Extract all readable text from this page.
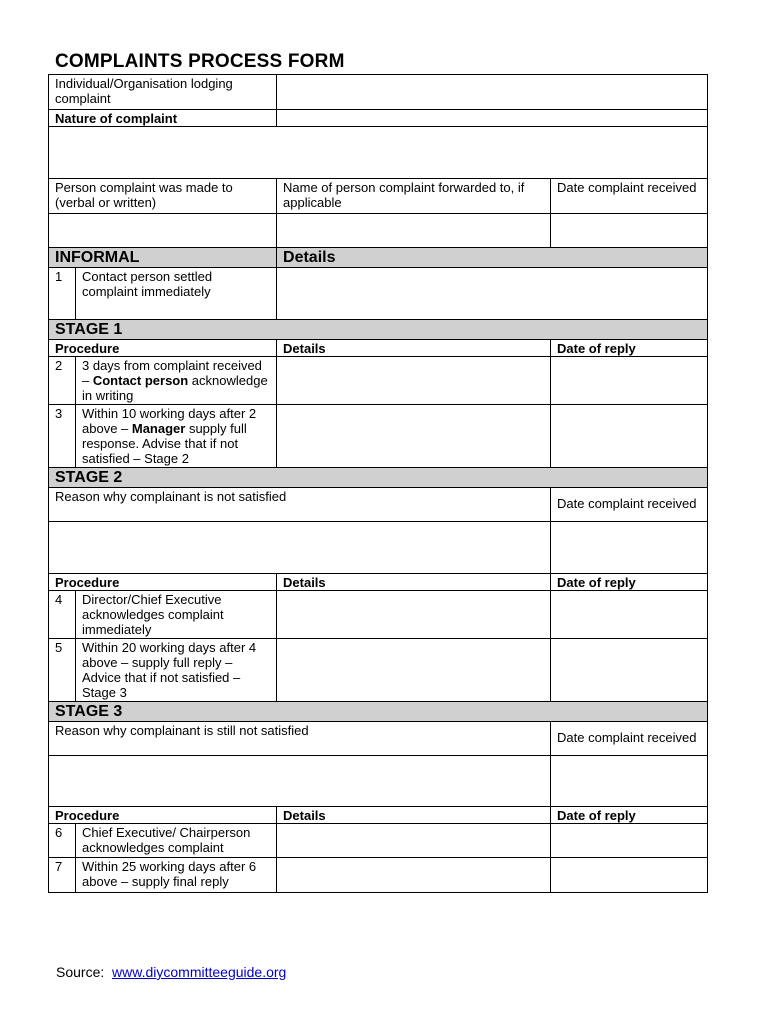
COMPLAINTS PROCESS FORM
Individual/Organisation lodging complaint			
Nature of complaint			

Person complaint was made to (verbal or written)		Name of person complaint forwarded to, if applicable	Date complaint received

INFORMAL		Details	
1	Contact person settled complaint immediately		
STAGE 1			
Procedure		Details	Date of reply
2	3 days from complaint received – Contact person acknowledge in writing		
3	Within 10 working days after 2 above – Manager supply full response. Advise that if not satisfied – Stage 2		
STAGE 2			
Reason why complainant is not satisfied			Date complaint received

Procedure		Details	Date of reply
4	Director/Chief Executive acknowledges complaint immediately		
5	Within 20 working days after 4 above – supply full reply – Advice that if not satisfied – Stage 3		
STAGE 3			
Reason why complainant is still not satisfied			Date complaint received

Procedure		Details	Date of reply
6	Chief Executive/ Chairperson acknowledges complaint		
7	Within 25 working days after 6 above – supply final reply		
Source: www.diycommitteeguide.org
